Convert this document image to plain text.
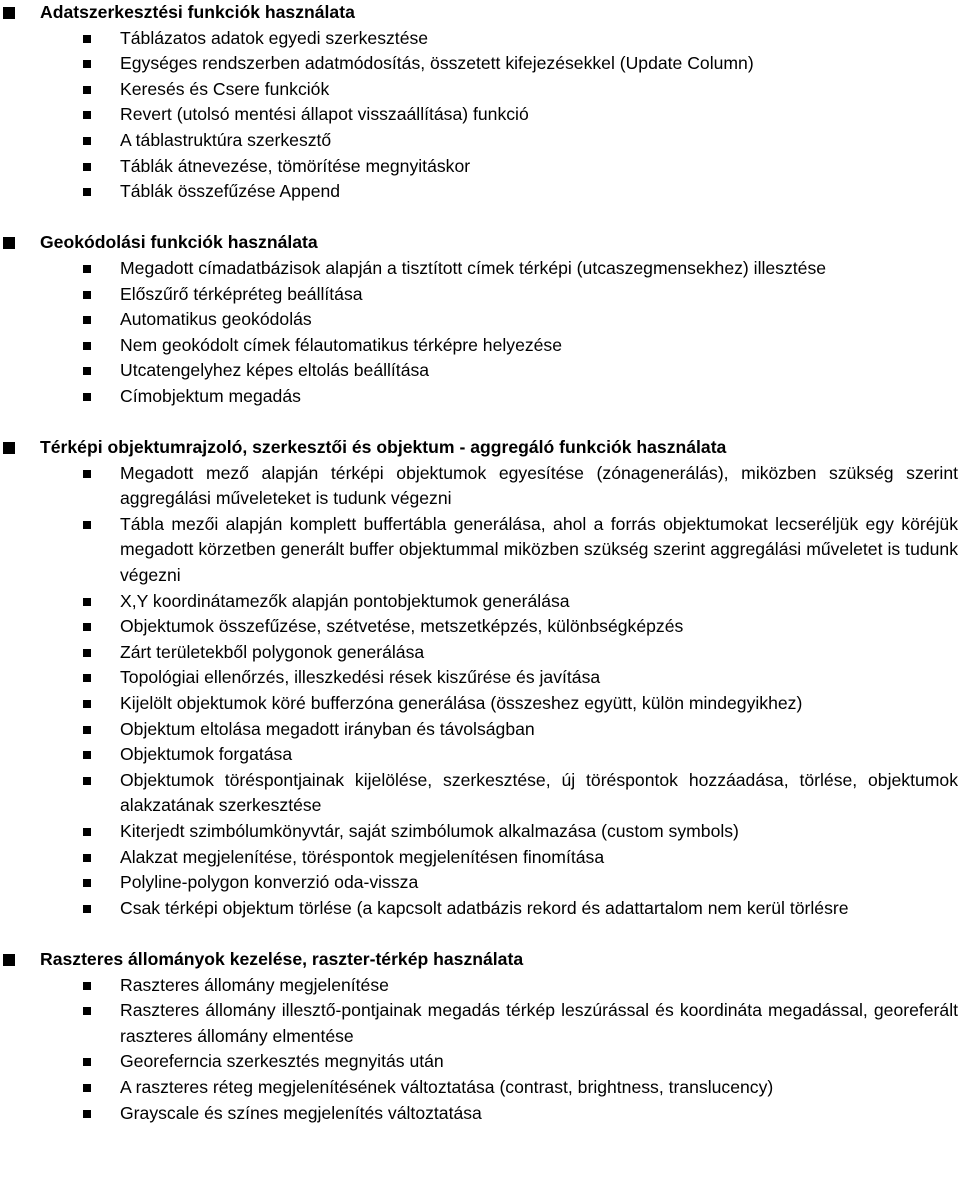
Adatszerkesztési funkciók használata
Táblázatos adatok egyedi szerkesztése
Egységes rendszerben adatmódosítás, összetett kifejezésekkel (Update Column)
Keresés és Csere funkciók
Revert (utolsó mentési állapot visszaállítása) funkció
A táblastruktúra szerkesztő
Táblák átnevezése, tömörítése megnyitáskor
Táblák összefűzése Append
Geokódolási funkciók használata
Megadott címadatbázisok alapján a tisztított címek térképi (utcaszegmensekhez) illesztése
Előszűrő térképréteg beállítása
Automatikus geokódolás
Nem geokódolt címek félautomatikus térképre helyezése
Utcatengelyhez képes eltolás beállítása
Címobjektum megadás
Térképi objektumrajzoló, szerkesztői és objektum - aggregáló funkciók használata
Megadott mező alapján térképi objektumok egyesítése (zónagenerálás), miközben szükség szerint aggregálási műveleteket is tudunk végezni
Tábla mezői alapján komplett buffertábla generálása, ahol a forrás objektumokat lecseréljük egy köréjük megadott körzetben generált buffer objektummal miközben szükség szerint aggregálási műveletet is tudunk végezni
X,Y koordinátamezők alapján pontobjektumok generálása
Objektumok összefűzése, szétvetése, metszetképzés, különbségképzés
Zárt területekből polygonok generálása
Topológiai ellenőrzés, illeszkedési rések kiszűrése és javítása
Kijelölt objektumok köré bufferzóna generálása (összeshez együtt, külön mindegyikhez)
Objektum eltolása megadott irányban és távolságban
Objektumok forgatása
Objektumok töréspontjainak kijelölése, szerkesztése, új töréspontok hozzáadása, törlése, objektumok alakzatának szerkesztése
Kiterjedt szimbólumkönyvtár, saját szimbólumok alkalmazása (custom symbols)
Alakzat megjelenítése, töréspontok megjelenítésen finomítása
Polyline-polygon konverzió oda-vissza
Csak térképi objektum törlése (a kapcsolt adatbázis rekord és adattartalom nem kerül törlésre
Raszteres állományok kezelése, raszter-térkép használata
Raszteres állomány megjelenítése
Raszteres állomány illesztő-pontjainak megadás térkép leszúrással és koordináta megadással, georeferált raszteres állomány elmentése
Georeferncia szerkesztés megnyitás után
A raszteres réteg megjelenítésének változtatása (contrast, brightness, translucency)
Grayscale és színes megjelenítés változtatása
